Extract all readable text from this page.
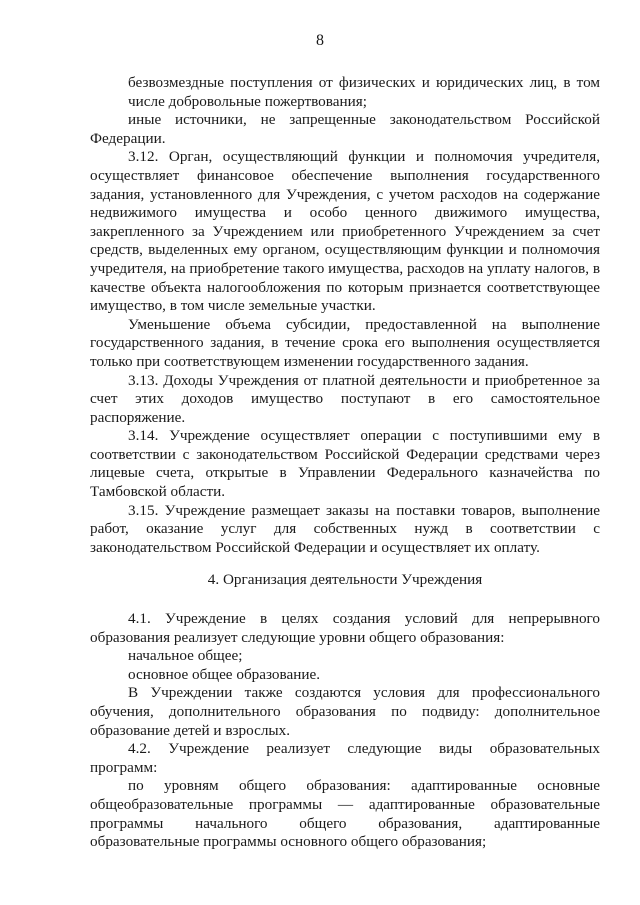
8

безвозмездные поступления от физических и юридических лиц, в том числе добровольные пожертвования;

иные источники, не запрещенные законодательством Российской Федерации.

3.12. Орган, осуществляющий функции и полномочия учредителя, осуществляет финансовое обеспечение выполнения государственного задания, установленного для Учреждения, с учетом расходов на содержание недвижимого имущества и особо ценного движимого имущества, закрепленного за Учреждением или приобретенного Учреждением за счет средств, выделенных ему органом, осуществляющим функции и полномочия учредителя, на приобретение такого имущества, расходов на уплату налогов, в качестве объекта налогообложения по которым признается соответствующее имущество, в том числе земельные участки.

Уменьшение объема субсидии, предоставленной на выполнение государственного задания, в течение срока его выполнения осуществляется только при соответствующем изменении государственного задания.

3.13. Доходы Учреждения от платной деятельности и приобретенное за счет этих доходов имущество поступают в его самостоятельное распоряжение.

3.14. Учреждение осуществляет операции с поступившими ему в соответствии с законодательством Российской Федерации средствами через лицевые счета, открытые в Управлении Федерального казначейства по Тамбовской области.

3.15. Учреждение размещает заказы на поставки товаров, выполнение работ, оказание услуг для собственных нужд в соответствии с законодательством Российской Федерации и осуществляет их оплату.

4. Организация деятельности Учреждения

4.1. Учреждение в целях создания условий для непрерывного образования реализует следующие уровни общего образования:

начальное общее;

основное общее образование.

В Учреждении также создаются условия для профессионального обучения, дополнительного образования по подвиду: дополнительное образование детей и взрослых.

4.2. Учреждение реализует следующие виды образовательных программ:

по уровням общего образования: адаптированные основные общеобразовательные программы — адаптированные образовательные программы начального общего образования, адаптированные образовательные программы основного общего образования;
